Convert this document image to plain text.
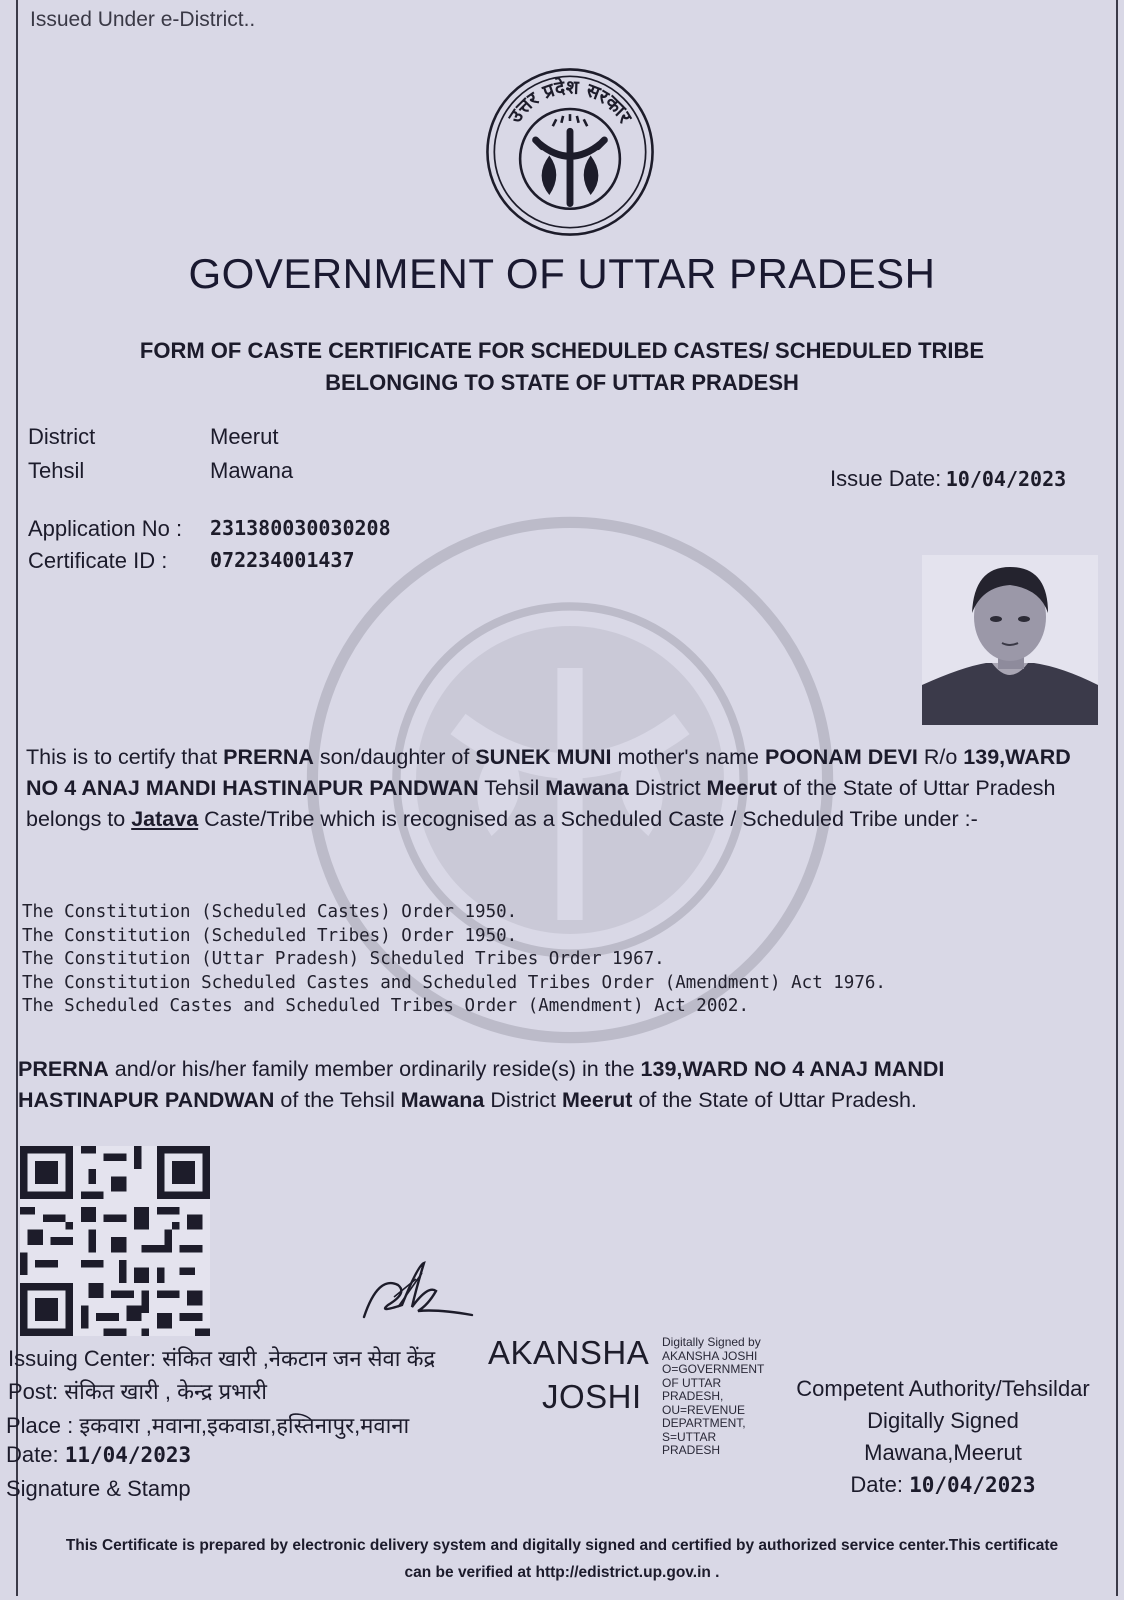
Issued Under e-District..
उत्तर प्रदेश सरकार
GOVERNMENT OF UTTAR PRADESH
FORM OF CASTE CERTIFICATE FOR SCHEDULED CASTES/ SCHEDULED TRIBE
BELONGING TO STATE OF UTTAR PRADESH
District	Meerut
Tehsil	Mawana	Issue Date: 10/04/2023
Application No : 231380030030208
Certificate ID : 072234001437
This is to certify that PRERNA son/daughter of SUNEK MUNI mother's name POONAM DEVI R/o 139,WARD NO 4 ANAJ MANDI HASTINAPUR PANDWAN Tehsil Mawana District Meerut of the State of Uttar Pradesh belongs to Jatava Caste/Tribe which is recognised as a Scheduled Caste / Scheduled Tribe under :-
The Constitution (Scheduled Castes) Order 1950.
The Constitution (Scheduled Tribes) Order 1950.
The Constitution (Uttar Pradesh) Scheduled Tribes Order 1967.
The Constitution Scheduled Castes and Scheduled Tribes Order (Amendment) Act 1976.
The Scheduled Castes and Scheduled Tribes Order (Amendment) Act 2002.
PRERNA and/or his/her family member ordinarily reside(s) in the 139,WARD NO 4 ANAJ MANDI
HASTINAPUR PANDWAN of the Tehsil Mawana District Meerut of the State of Uttar Pradesh.
Issuing Center: संकित खारी ,नेकटान जन सेवा केंद्र AKANSHA
JOSHI
Digitally Signed by
AKANSHA JOSHI
O=GOVERNMENT
OF UTTAR
PRADESH,
OU=REVENUE
DEPARTMENT,
S=UTTAR
PRADESH
Post: संकित खारी , केन्द्र प्रभारी
Place : इकवारा ,मवाना,इकवाडा,हस्तिनापुर,मवाना
Date: 11/04/2023
Signature & Stamp
Competent Authority/Tehsildar
Digitally Signed
Mawana,Meerut
Date: 10/04/2023
This Certificate is prepared by electronic delivery system and digitally signed and certified by authorized service center.This certificate
can be verified at http://edistrict.up.gov.in .
